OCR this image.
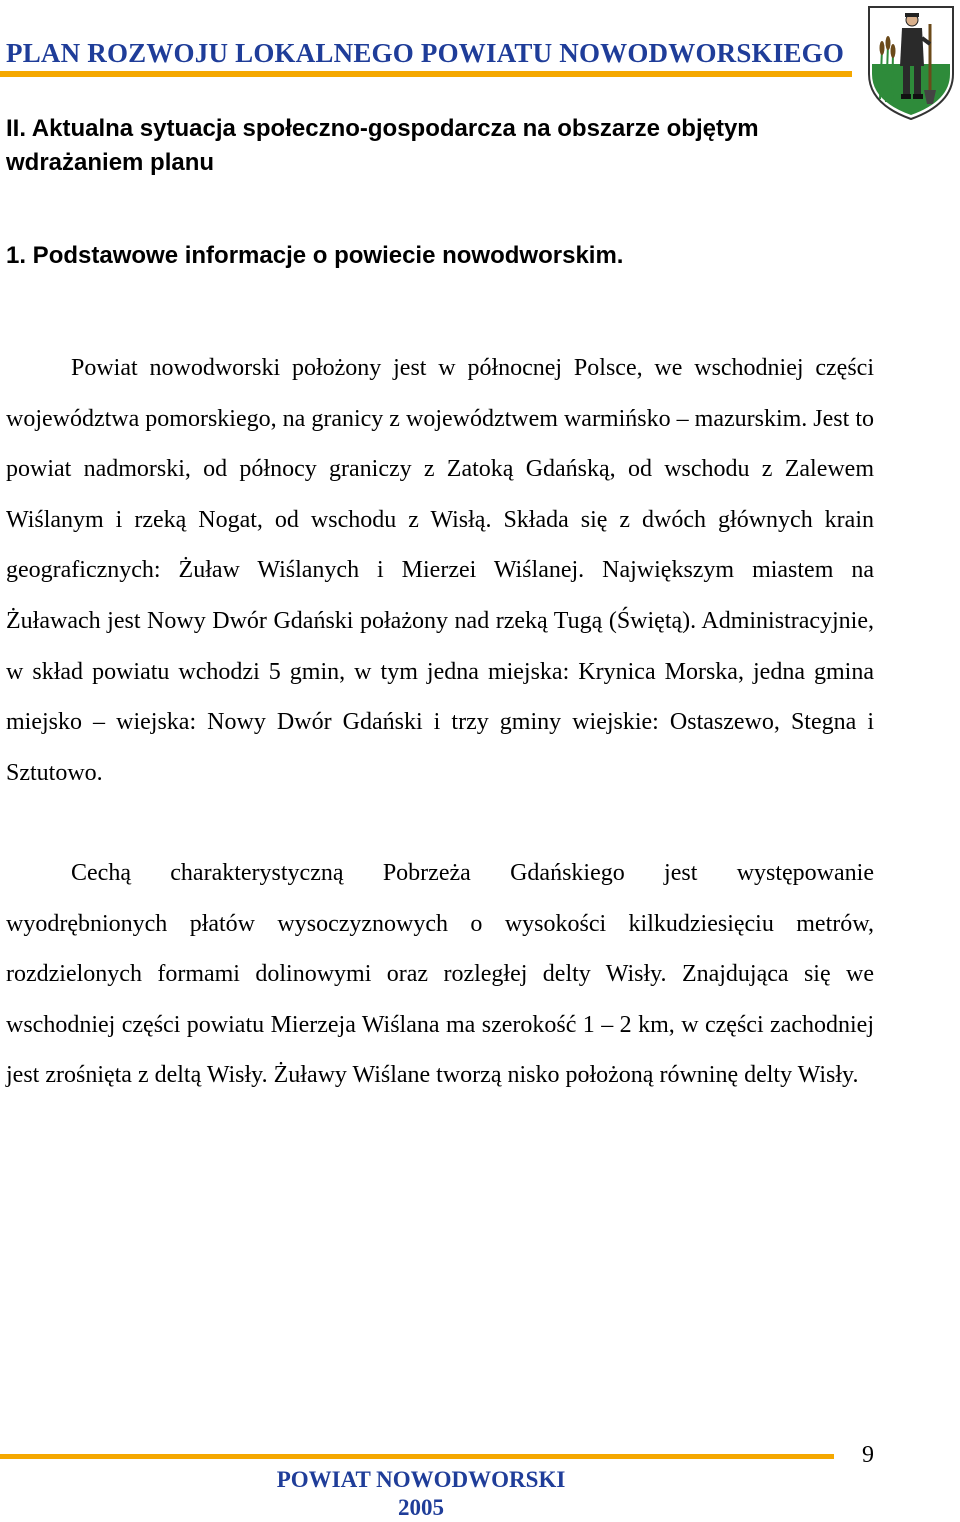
PLAN ROZWOJU LOKALNEGO POWIATU NOWODWORSKIEGO
II. Aktualna sytuacja społeczno-gospodarcza na obszarze objętym wdrażaniem planu
1. Podstawowe informacje o powiecie nowodworskim.

Powiat nowodworski położony jest w północnej Polsce, we wschodniej części województwa pomorskiego, na granicy z województwem warmińsko – mazurskim. Jest to powiat nadmorski, od północy graniczy z Zatoką Gdańską, od wschodu z Zalewem Wiślanym i rzeką Nogat, od wschodu z Wisłą. Składa się z dwóch głównych krain geograficznych: Żuław Wiślanych i Mierzei Wiślanej. Największym miastem na Żuławach jest Nowy Dwór Gdański połażony nad rzeką Tugą (Świętą). Administracyjnie, w skład powiatu wchodzi 5 gmin, w tym jedna miejska: Krynica Morska, jedna gmina miejsko – wiejska: Nowy Dwór Gdański i trzy gminy wiejskie: Ostaszewo, Stegna i Sztutowo.

Cechą charakterystyczną Pobrzeża Gdańskiego jest występowanie wyodrębnionych płatów wysoczyznowych o wysokości kilkudziesięciu metrów, rozdzielonych formami dolinowymi oraz rozległej delty Wisły. Znajdująca się we wschodniej części powiatu Mierzeja Wiślana ma szerokość 1 – 2 km, w części zachodniej jest zrośnięta z deltą Wisły. Żuławy Wiślane tworzą nisko położoną równinę delty Wisły.

9
POWIAT NOWODWORSKI
2005
